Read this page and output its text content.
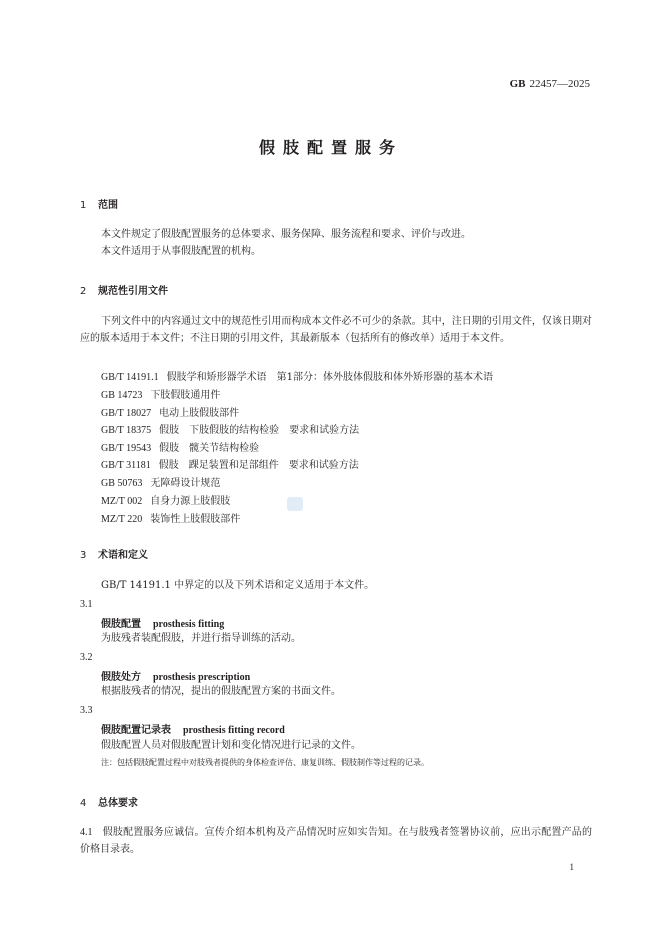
GB 22457—2025
假肢配置服务
1 范围
本文件规定了假肢配置服务的总体要求、服务保障、服务流程和要求、评价与改进。
本文件适用于从事假肢配置的机构。
2 规范性引用文件
下列文件中的内容通过文中的规范性引用而构成本文件必不可少的条款。其中，注日期的引用文件，仅该日期对应的版本适用于本文件；不注日期的引用文件，其最新版本（包括所有的修改单）适用于本文件。
GB/T 14191.1 假肢学和矫形器学术语　第1部分：体外肢体假肢和体外矫形器的基本术语
GB 14723 下肢假肢通用件
GB/T 18027 电动上肢假肢部件
GB/T 18375 假肢　下肢假肢的结构检验　要求和试验方法
GB/T 19543 假肢　髋关节结构检验
GB/T 31181 假肢　踝足装置和足部组件　要求和试验方法
GB 50763 无障碍设计规范
MZ/T 002 自身力源上肢假肢
MZ/T 220 装饰性上肢假肢部件
3 术语和定义
GB/T 14191.1 中界定的以及下列术语和定义适用于本文件。
3.1
假肢配置 prosthesis fitting
为肢残者装配假肢，并进行指导训练的活动。
3.2
假肢处方 prosthesis prescription
根据肢残者的情况，提出的假肢配置方案的书面文件。
3.3
假肢配置记录表 prosthesis fitting record
假肢配置人员对假肢配置计划和变化情况进行记录的文件。
注：包括假肢配置过程中对肢残者提供的身体检查评估、康复训练、假肢制作等过程的记录。
4 总体要求
4.1 假肢配置服务应诚信。宣传介绍本机构及产品情况时应如实告知。在与肢残者签署协议前，应出示配置产品的价格目录表。
1
